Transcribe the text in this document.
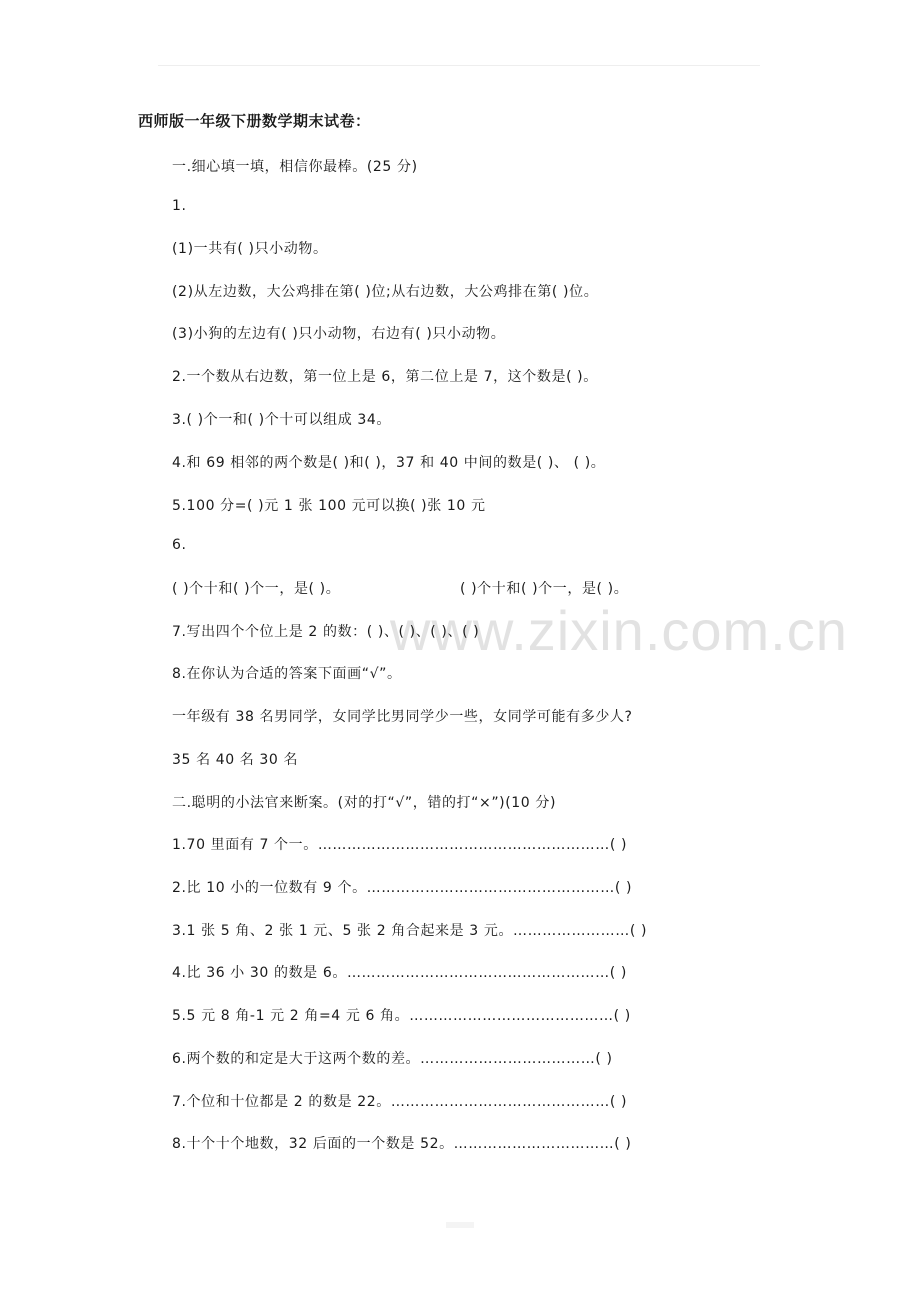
www.zixin.com.cn
西师版一年级下册数学期末试卷：
一.细心填一填，相信你最棒。(25 分)
1.
(1)一共有( )只小动物。
(2)从左边数，大公鸡排在第( )位;从右边数，大公鸡排在第( )位。
(3)小狗的左边有( )只小动物，右边有( )只小动物。
2.一个数从右边数，第一位上是 6，第二位上是 7，这个数是( )。
3.( )个一和( )个十可以组成 34。
4.和 69 相邻的两个数是( )和( )，37 和 40 中间的数是( )、 ( )。
5.100 分=( )元 1 张 100 元可以换( )张 10 元
6.
( )个十和( )个一，是( )。	( )个十和( )个一，是( )。
7.写出四个个位上是 2 的数：( )、( )、( )、( )
8.在你认为合适的答案下面画“√”。
一年级有 38 名男同学，女同学比男同学少一些，女同学可能有多少人?
35 名 40 名 30 名
二.聪明的小法官来断案。(对的打“√”，错的打“×”)(10 分)
1.70 里面有 7 个一。……………………………………………………( )
2.比 10 小的一位数有 9 个。……………………………………………( )
3.1 张 5 角、2 张 1 元、5 张 2 角合起来是 3 元。……………………( )
4.比 36 小 30 的数是 6。………………………………………………( )
5.5 元 8 角-1 元 2 角=4 元 6 角。……………………………………( )
6.两个数的和定是大于这两个数的差。………………………………( )
7.个位和十位都是 2 的数是 22。………………………………………( )
8.十个十个地数，32 后面的一个数是 52。……………………………( )
